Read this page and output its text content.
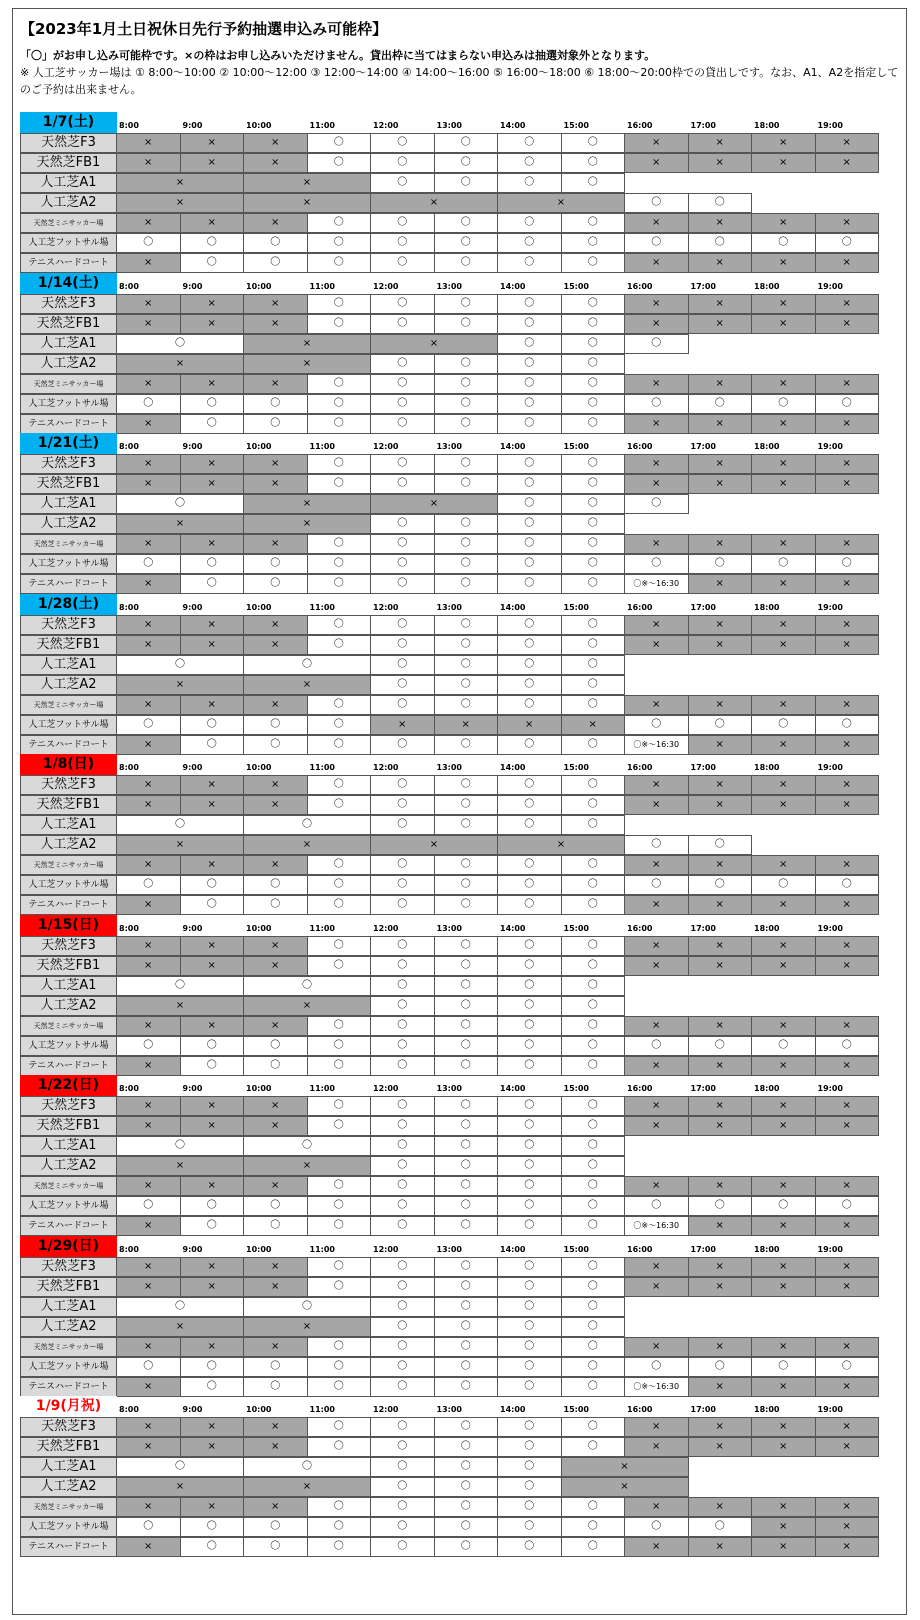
【2023年1月土日祝休日先行予約抽選申込み可能枠】
「〇」がお申し込み可能枠です。×の枠はお申し込みいただけません。貸出枠に当てはまらない申込みは抽選対象外となります。
※ 人工芝サッカー場は ① 8:00～10:00 ② 10:00～12:00 ③ 12:00～14:00 ④ 14:00～16:00 ⑤ 16:00～18:00 ⑥ 18:00～20:00枠での貸出しです。なお、A1、A2を指定してのご予約は出来ません。
1/7(土)	8:00	9:00	10:00	11:00	12:00	13:00	14:00	15:00	16:00	17:00	18:00	19:00
天然芝F3	×	×	×	〇	〇	〇	〇	〇	×	×	×	×
天然芝FB1	×	×	×	〇	〇	〇	〇	〇	×	×	×	×
人工芝A1	×	×	〇	〇	〇	〇
人工芝A2	×	×	×	×	〇	〇
天然芝ミニサッカー場	×	×	×	〇	〇	〇	〇	〇	×	×	×	×
人工芝フットサル場	〇	〇	〇	〇	〇	〇	〇	〇	〇	〇	〇	〇
テニスハードコート	×	〇	〇	〇	〇	〇	〇	〇	×	×	×	×
1/14(土)	8:00	9:00	10:00	11:00	12:00	13:00	14:00	15:00	16:00	17:00	18:00	19:00
天然芝F3	×	×	×	〇	〇	〇	〇	〇	×	×	×	×
天然芝FB1	×	×	×	〇	〇	〇	〇	〇	×	×	×	×
人工芝A1	〇	×	×	〇	〇	〇
人工芝A2	×	×	〇	〇	〇	〇
天然芝ミニサッカー場	×	×	×	〇	〇	〇	〇	〇	×	×	×	×
人工芝フットサル場	〇	〇	〇	〇	〇	〇	〇	〇	〇	〇	〇	〇
テニスハードコート	×	〇	〇	〇	〇	〇	〇	〇	×	×	×	×
1/21(土)	8:00	9:00	10:00	11:00	12:00	13:00	14:00	15:00	16:00	17:00	18:00	19:00
天然芝F3	×	×	×	〇	〇	〇	〇	〇	×	×	×	×
天然芝FB1	×	×	×	〇	〇	〇	〇	〇	×	×	×	×
人工芝A1	〇	×	×	〇	〇	〇
人工芝A2	×	×	〇	〇	〇	〇
天然芝ミニサッカー場	×	×	×	〇	〇	〇	〇	〇	×	×	×	×
人工芝フットサル場	〇	〇	〇	〇	〇	〇	〇	〇	〇	〇	〇	〇
テニスハードコート	×	〇	〇	〇	〇	〇	〇	〇	〇※～16:30	×	×	×
1/28(土)	8:00	9:00	10:00	11:00	12:00	13:00	14:00	15:00	16:00	17:00	18:00	19:00
天然芝F3	×	×	×	〇	〇	〇	〇	〇	×	×	×	×
天然芝FB1	×	×	×	〇	〇	〇	〇	〇	×	×	×	×
人工芝A1	〇	〇	〇	〇	〇	〇
人工芝A2	×	×	〇	〇	〇	〇
天然芝ミニサッカー場	×	×	×	〇	〇	〇	〇	〇	×	×	×	×
人工芝フットサル場	〇	〇	〇	〇	×	×	×	×	〇	〇	〇	〇
テニスハードコート	×	〇	〇	〇	〇	〇	〇	〇	〇※～16:30	×	×	×
1/8(日)	8:00	9:00	10:00	11:00	12:00	13:00	14:00	15:00	16:00	17:00	18:00	19:00
天然芝F3	×	×	×	〇	〇	〇	〇	〇	×	×	×	×
天然芝FB1	×	×	×	〇	〇	〇	〇	〇	×	×	×	×
人工芝A1	〇	〇	〇	〇	〇	〇
人工芝A2	×	×	×	×	〇	〇
天然芝ミニサッカー場	×	×	×	〇	〇	〇	〇	〇	×	×	×	×
人工芝フットサル場	〇	〇	〇	〇	〇	〇	〇	〇	〇	〇	〇	〇
テニスハードコート	×	〇	〇	〇	〇	〇	〇	〇	×	×	×	×
1/15(日)	8:00	9:00	10:00	11:00	12:00	13:00	14:00	15:00	16:00	17:00	18:00	19:00
天然芝F3	×	×	×	〇	〇	〇	〇	〇	×	×	×	×
天然芝FB1	×	×	×	〇	〇	〇	〇	〇	×	×	×	×
人工芝A1	〇	〇	〇	〇	〇	〇
人工芝A2	×	×	〇	〇	〇	〇
天然芝ミニサッカー場	×	×	×	〇	〇	〇	〇	〇	×	×	×	×
人工芝フットサル場	〇	〇	〇	〇	〇	〇	〇	〇	〇	〇	〇	〇
テニスハードコート	×	〇	〇	〇	〇	〇	〇	〇	×	×	×	×
1/22(日)	8:00	9:00	10:00	11:00	12:00	13:00	14:00	15:00	16:00	17:00	18:00	19:00
天然芝F3	×	×	×	〇	〇	〇	〇	〇	×	×	×	×
天然芝FB1	×	×	×	〇	〇	〇	〇	〇	×	×	×	×
人工芝A1	〇	〇	〇	〇	〇	〇
人工芝A2	×	×	〇	〇	〇	〇
天然芝ミニサッカー場	×	×	×	〇	〇	〇	〇	〇	×	×	×	×
人工芝フットサル場	〇	〇	〇	〇	〇	〇	〇	〇	〇	〇	〇	〇
テニスハードコート	×	〇	〇	〇	〇	〇	〇	〇	〇※～16:30	×	×	×
1/29(日)	8:00	9:00	10:00	11:00	12:00	13:00	14:00	15:00	16:00	17:00	18:00	19:00
天然芝F3	×	×	×	〇	〇	〇	〇	〇	×	×	×	×
天然芝FB1	×	×	×	〇	〇	〇	〇	〇	×	×	×	×
人工芝A1	〇	〇	〇	〇	〇	〇
人工芝A2	×	×	〇	〇	〇	〇
天然芝ミニサッカー場	×	×	×	〇	〇	〇	〇	〇	×	×	×	×
人工芝フットサル場	〇	〇	〇	〇	〇	〇	〇	〇	〇	〇	〇	〇
テニスハードコート	×	〇	〇	〇	〇	〇	〇	〇	〇※～16:30	×	×	×
1/9(月祝)	8:00	9:00	10:00	11:00	12:00	13:00	14:00	15:00	16:00	17:00	18:00	19:00
天然芝F3	×	×	×	〇	〇	〇	〇	〇	×	×	×	×
天然芝FB1	×	×	×	〇	〇	〇	〇	〇	×	×	×	×
人工芝A1	〇	〇	〇	〇	〇	×
人工芝A2	×	×	〇	〇	〇	×
天然芝ミニサッカー場	×	×	×	〇	〇	〇	〇	〇	×	×	×	×
人工芝フットサル場	〇	〇	〇	〇	〇	〇	〇	〇	〇	〇	×	×
テニスハードコート	×	〇	〇	〇	〇	〇	〇	〇	×	×	×	×
